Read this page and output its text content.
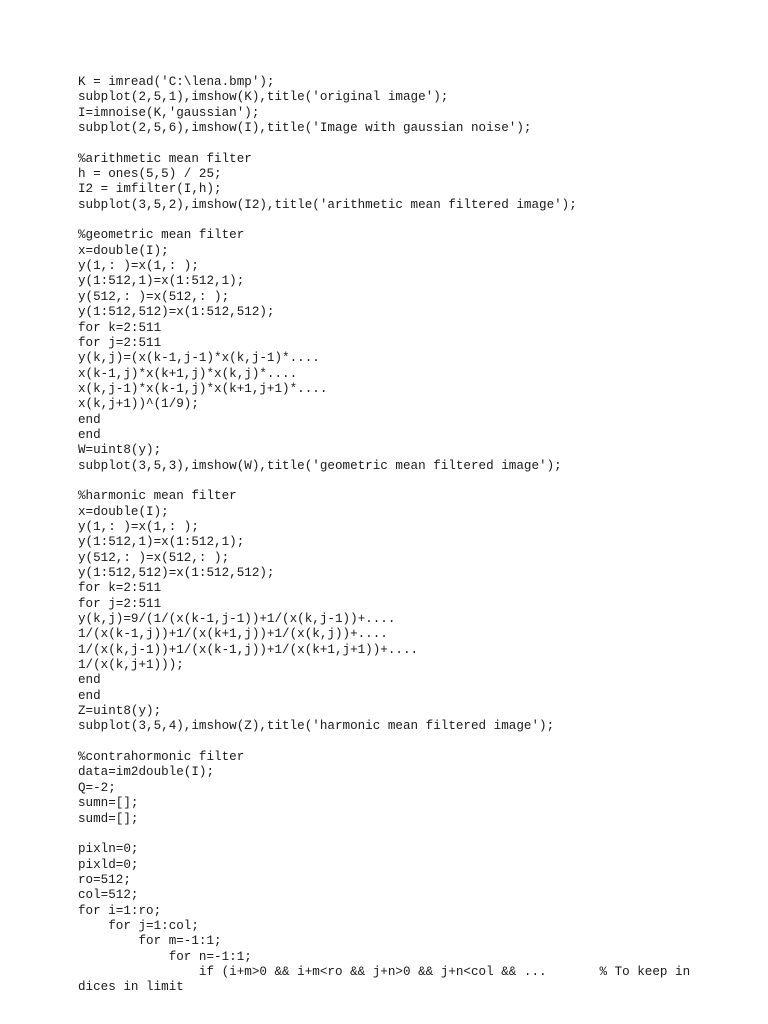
K = imread('C:\lena.bmp');
subplot(2,5,1),imshow(K),title('original image');
I=imnoise(K,'gaussian');
subplot(2,5,6),imshow(I),title('Image with gaussian noise');
%arithmetic mean filter
h = ones(5,5) / 25;
I2 = imfilter(I,h);
subplot(3,5,2),imshow(I2),title('arithmetic mean filtered image');
%geometric mean filter
x=double(I);
y(1,: )=x(1,: );
y(1:512,1)=x(1:512,1);
y(512,: )=x(512,: );
y(1:512,512)=x(1:512,512);
for k=2:511
for j=2:511
y(k,j)=(x(k-1,j-1)*x(k,j-1)*....
x(k-1,j)*x(k+1,j)*x(k,j)*....
x(k,j-1)*x(k-1,j)*x(k+1,j+1)*....
x(k,j+1))^(1/9);
end
end
W=uint8(y);
subplot(3,5,3),imshow(W),title('geometric mean filtered image');
%harmonic mean filter
x=double(I);
y(1,: )=x(1,: );
y(1:512,1)=x(1:512,1);
y(512,: )=x(512,: );
y(1:512,512)=x(1:512,512);
for k=2:511
for j=2:511
y(k,j)=9/(1/(x(k-1,j-1))+1/(x(k,j-1))+....
1/(x(k-1,j))+1/(x(k+1,j))+1/(x(k,j))+....
1/(x(k,j-1))+1/(x(k-1,j))+1/(x(k+1,j+1))+....
1/(x(k,j+1)));
end
end
Z=uint8(y);
subplot(3,5,4),imshow(Z),title('harmonic mean filtered image');
%contrahormonic filter
data=im2double(I);
Q=-2;
sumn=[];
sumd=[];
pixln=0;
pixld=0;
ro=512;
col=512;
for i=1:ro;
for j=1:col;
for m=-1:1;
for n=-1:1;
if (i+m>0 && i+m<ro && j+n>0 && j+n<col && ...       % To keep in
dices in limit
